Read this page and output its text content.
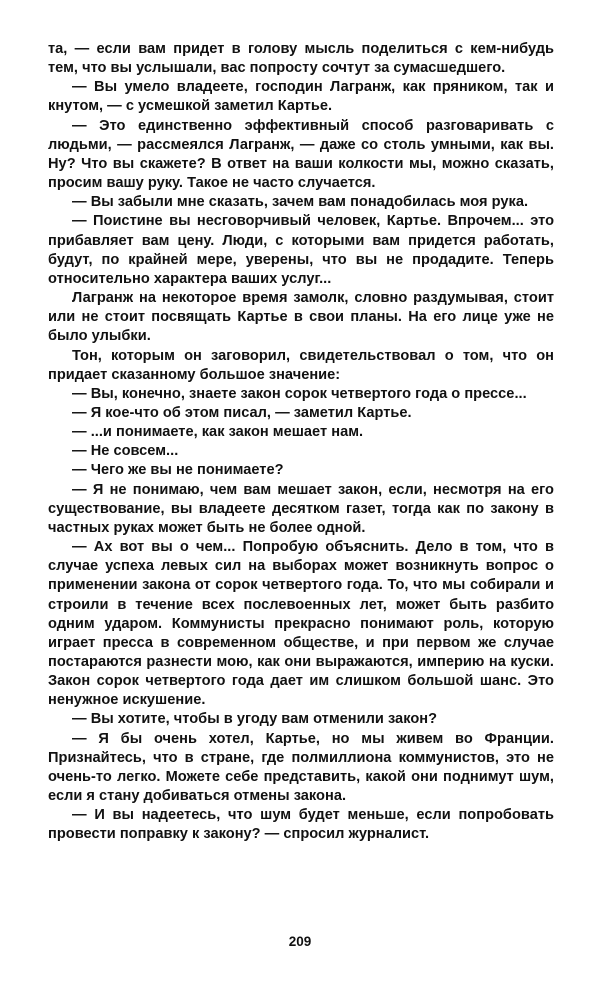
та, — если вам придет в голову мысль поделиться с кем-нибудь тем, что вы услышали, вас попросту сочтут за сумасшедшего.

— Вы умело владеете, господин Лагранж, как пряником, так и кнутом, — с усмешкой заметил Картье.

— Это единственно эффективный способ разговаривать с людьми, — рассмеялся Лагранж, — даже со столь умными, как вы. Ну? Что вы скажете? В ответ на ваши колкости мы, можно сказать, просим вашу руку. Такое не часто случается.

— Вы забыли мне сказать, зачем вам понадобилась моя рука.

— Поистине вы несговорчивый человек, Картье. Впрочем... это прибавляет вам цену. Люди, с которыми вам придется работать, будут, по крайней мере, уверены, что вы не продадите. Теперь относительно характера ваших услуг...

Лагранж на некоторое время замолк, словно раздумывая, стоит или не стоит посвящать Картье в свои планы. На его лице уже не было улыбки.

Тон, которым он заговорил, свидетельствовал о том, что он придает сказанному большое значение:

— Вы, конечно, знаете закон сорок четвертого года о прессе...

— Я кое-что об этом писал, — заметил Картье.

— ...и понимаете, как закон мешает нам.

— Не совсем...

— Чего же вы не понимаете?

— Я не понимаю, чем вам мешает закон, если, несмотря на его существование, вы владеете десятком газет, тогда как по закону в частных руках может быть не более одной.

— Ах вот вы о чем... Попробую объяснить. Дело в том, что в случае успеха левых сил на выборах может возникнуть вопрос о применении закона от сорок четвертого года. То, что мы собирали и строили в течение всех послевоенных лет, может быть разбито одним ударом. Коммунисты прекрасно понимают роль, которую играет пресса в современном обществе, и при первом же случае постараются разнести мою, как они выражаются, империю на куски. Закон сорок четвертого года дает им слишком большой шанс. Это ненужное искушение.

— Вы хотите, чтобы в угоду вам отменили закон?

— Я бы очень хотел, Картье, но мы живем во Франции. Признайтесь, что в стране, где полмиллиона коммунистов, это не очень-то легко. Можете себе представить, какой они поднимут шум, если я стану добиваться отмены закона.

— И вы надеетесь, что шум будет меньше, если попробовать провести поправку к закону? — спросил журналист.

209
